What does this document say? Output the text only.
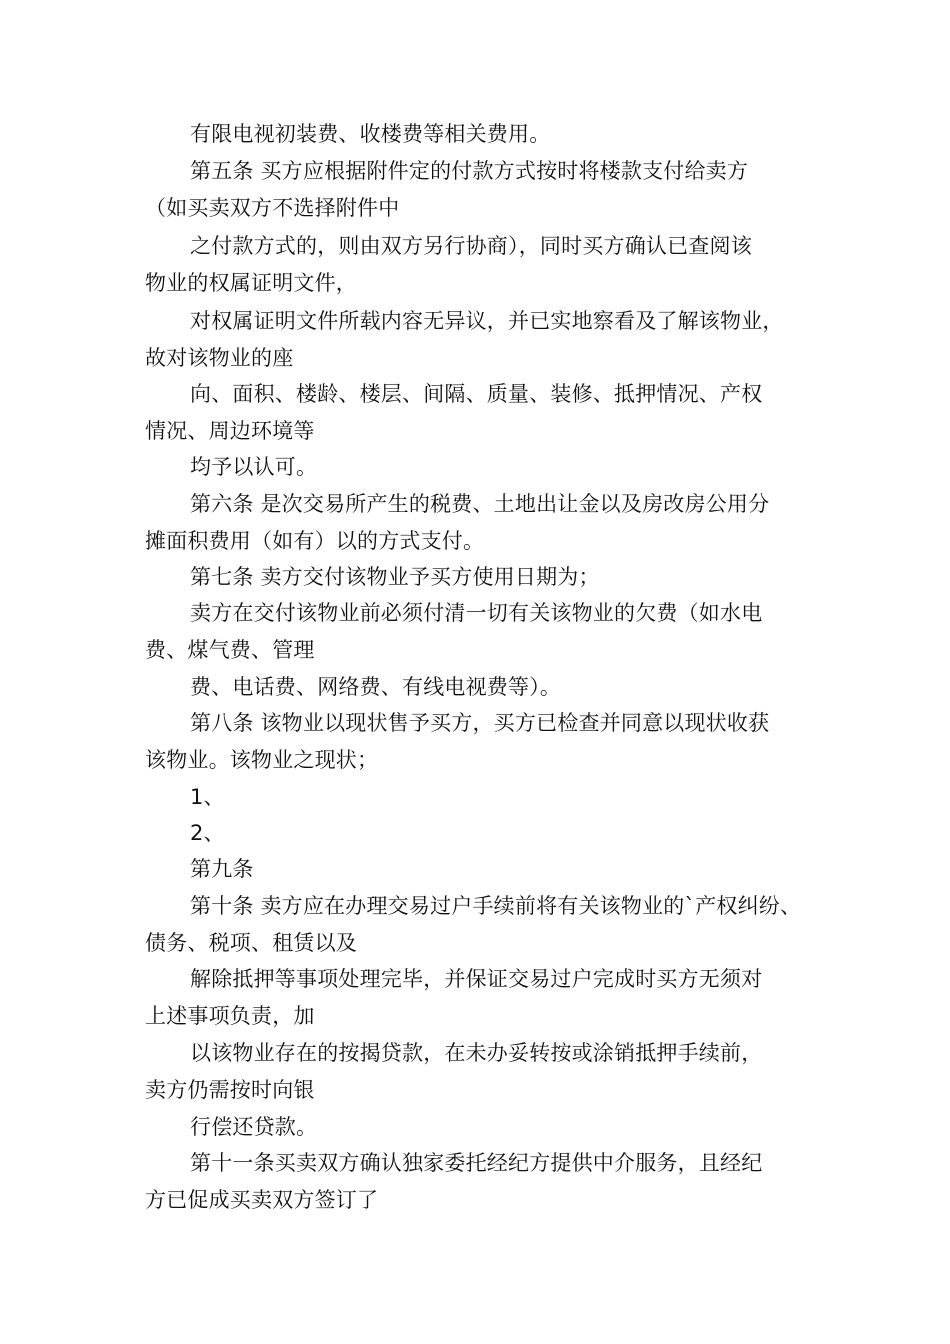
有限电视初装费、收楼费等相关费用。
第五条 买方应根据附件定的付款方式按时将楼款支付给卖方
（如买卖双方不选择附件中
之付款方式的，则由双方另行协商），同时买方确认已查阅该
物业的权属证明文件，
对权属证明文件所载内容无异议，并已实地察看及了解该物业，
故对该物业的座
向、面积、楼龄、楼层、间隔、质量、装修、抵押情况、产权
情况、周边环境等
均予以认可。
第六条 是次交易所产生的税费、土地出让金以及房改房公用分
摊面积费用（如有）以的方式支付。
第七条 卖方交付该物业予买方使用日期为；
卖方在交付该物业前必须付清一切有关该物业的欠费（如水电
费、煤气费、管理
费、电话费、网络费、有线电视费等）。
第八条 该物业以现状售予买方，买方已检查并同意以现状收获
该物业。该物业之现状；
1、
2、
第九条
第十条 卖方应在办理交易过户手续前将有关该物业的`产权纠纷、
债务、税项、租赁以及
解除抵押等事项处理完毕，并保证交易过户完成时买方无须对
上述事项负责，加
以该物业存在的按揭贷款，在未办妥转按或涂销抵押手续前，
卖方仍需按时向银
行偿还贷款。
第十一条买卖双方确认独家委托经纪方提供中介服务，且经纪
方已促成买卖双方签订了
